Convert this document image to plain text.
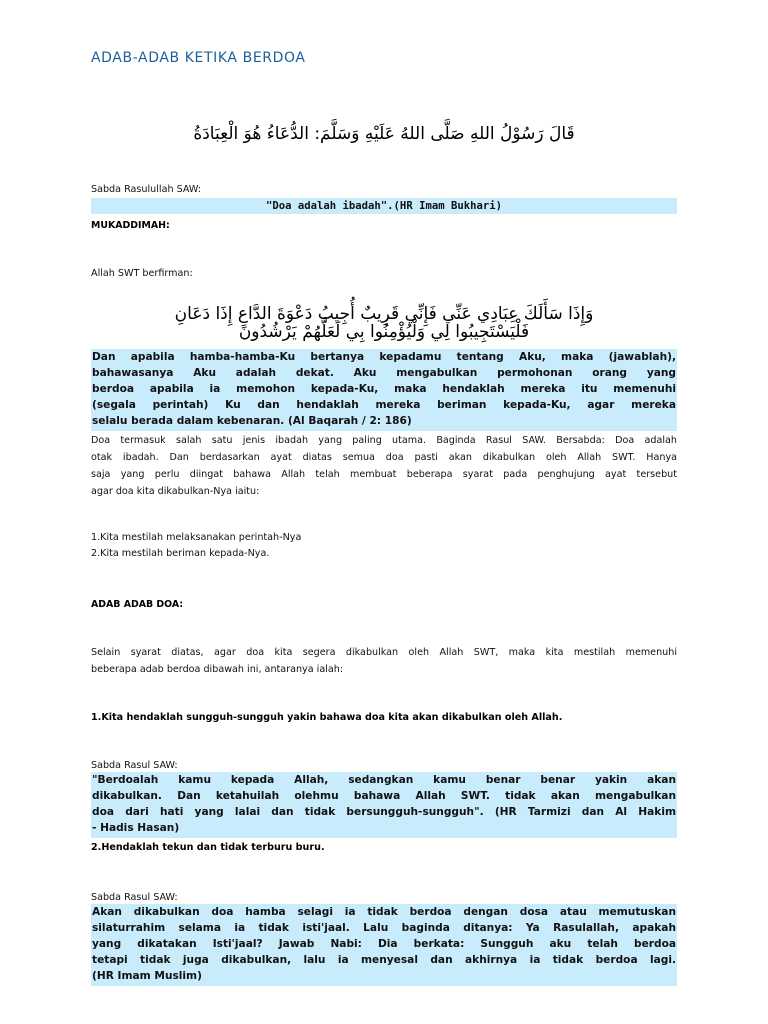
ADAB-ADAB KETIKA BERDOA
قَالَ رَسُوْلُ اللهِ صَلَّى اللهُ عَلَيْهِ وَسَلَّمَ: الدُّعَاءُ هُوَ الْعِبَادَةُ
Sabda Rasulullah SAW:
"Doa adalah ibadah".(HR Imam Bukhari)
MUKADDIMAH:
Allah SWT berfirman:
وَإِذَا سَأَلَكَ عِبَادِي عَنِّي فَإِنِّي قَرِيبٌ أُجِيبُ دَعْوَةَ الدَّاعِ إِذَا دَعَانِ
فَلْيَسْتَجِيبُوا لِي وَلْيُؤْمِنُوا بِي لَعَلَّهُمْ يَرْشُدُونَ
Dan apabila hamba-hamba-Ku bertanya kepadamu tentang Aku, maka (jawablah),
bahawasanya Aku adalah dekat. Aku mengabulkan permohonan orang yang
berdoa apabila ia memohon kepada-Ku, maka hendaklah mereka itu memenuhi
(segala perintah) Ku dan hendaklah mereka beriman kepada-Ku, agar mereka
selalu berada dalam kebenaran. (Al Baqarah / 2: 186)
Doa termasuk salah satu jenis ibadah yang paling utama. Baginda Rasul SAW. Bersabda: Doa adalah
otak ibadah. Dan berdasarkan ayat diatas semua doa pasti akan dikabulkan oleh Allah SWT. Hanya
saja yang perlu diingat bahawa Allah telah membuat beberapa syarat pada penghujung ayat tersebut
agar doa kita dikabulkan-Nya iaitu:
1.Kita mestilah melaksanakan perintah-Nya
2.Kita mestilah beriman kepada-Nya.
ADAB ADAB DOA:
Selain syarat diatas, agar doa kita segera dikabulkan oleh Allah SWT, maka kita mestilah memenuhi
beberapa adab berdoa dibawah ini, antaranya ialah:
1.Kita hendaklah sungguh-sungguh yakin bahawa doa kita akan dikabulkan oleh Allah.
Sabda Rasul SAW:
"Berdoalah kamu kepada Allah, sedangkan kamu benar benar yakin akan
dikabulkan. Dan ketahuilah olehmu bahawa Allah SWT. tidak akan mengabulkan
doa dari hati yang lalai dan tidak bersungguh-sungguh". (HR Tarmizi dan Al Hakim
- Hadis Hasan)
2.Hendaklah tekun dan tidak terburu buru.
Sabda Rasul SAW:
Akan dikabulkan doa hamba selagi ia tidak berdoa dengan dosa atau memutuskan
silaturrahim selama ia tidak isti'jaal. Lalu baginda ditanya: Ya Rasulallah, apakah
yang dikatakan Isti'jaal? Jawab Nabi: Dia berkata: Sungguh aku telah berdoa
tetapi tidak juga dikabulkan, lalu ia menyesal dan akhirnya ia tidak berdoa lagi.
(HR Imam Muslim)
